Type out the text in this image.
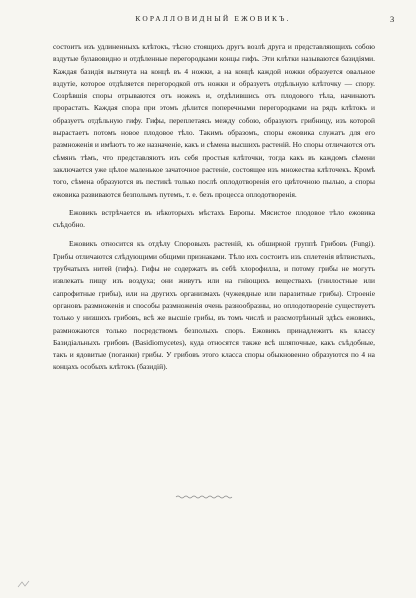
КОРАЛЛОВИДНЫЙ ЕЖОВИКЪ.	3

состоитъ изъ удлиненныхъ клѣтокъ, тѣсно стоящихъ другъ возлѣ друга и представляющихъ собою вздутые булавовидно и отдѣленные перегородками концы гифъ. Эти клѣтки называются базидіями. Каждая базидія вытянута на концѣ въ 4 ножки, а на концѣ каждой ножки образуется овальное вздутіе, которое отдѣляется перегородкой отъ ножки и образуетъ отдѣльную клѣточку — спору. Созрѣвшія споры отрываются отъ ножекъ и, отдѣлившись отъ плодового тѣла, начинаютъ прорастать. Каждая спора при этомъ дѣлится поперечными перегородками на рядъ клѣтокъ и образуетъ отдѣльную гифу. Гифы, переплетаясь между собою, образуютъ грибницу, изъ которой вырастаетъ потомъ новое плодовое тѣло. Такимъ образомъ, споры ежовика служатъ для его размноженія и имѣютъ то же назначеніе, какъ и сѣмена высшихъ растеній. Но споры отличаются отъ сѣмянъ тѣмъ, что представляютъ изъ себя простыя клѣточки, тогда какъ въ каждомъ сѣмени заключается уже цѣлое маленькое зачаточное растеніе, состоящее изъ множества клѣточекъ. Кромѣ того, сѣмена образуются въ пестикѣ только послѣ оплодотворенія его цвѣточною пылью, а споры ежовика развиваются безполымъ путемъ, т. е. безъ процесса оплодотворенія.

Ежовикъ встрѣчается въ нѣкоторыхъ мѣстахъ Европы. Мясистое плодовое тѣло ежовика съѣдобно.

Ежовикъ относится къ отдѣлу Споровыхъ растеній, къ обширной группѣ Грибовъ (Fungi). Грибы отличаются слѣдующими общими признаками. Тѣло ихъ состоитъ изъ сплетенія вѣтвистыхъ, трубчатыхъ нитей (гифъ). Гифы не содержатъ въ себѣ хлорофилла, и потому грибы не могутъ извлекать пищу изъ воздуха; они живутъ или на гніющихъ веществахъ (гнилостные или сапрофитные грибы), или на другихъ организмахъ (чужеядные или паразитные грибы). Строеніе органовъ размноженія и способы размноженія очень разнообразны, но оплодотвореніе существуетъ только у низшихъ грибовъ, всѣ же высшіе грибы, въ томъ числѣ и разсмотрѣнный здѣсь ежовикъ, размножаются только посредствомъ безполыхъ споръ. Ежовикъ принадлежитъ къ классу Базидіальныхъ грибовъ (Basidiomycetes), куда относятся также всѣ шляпочные, какъ съѣдобные, такъ и ядовитые (поганки) грибы. У грибовъ этого класса споры обыкновенно образуются по 4 на концахъ особыхъ клѣтокъ (базидій).
